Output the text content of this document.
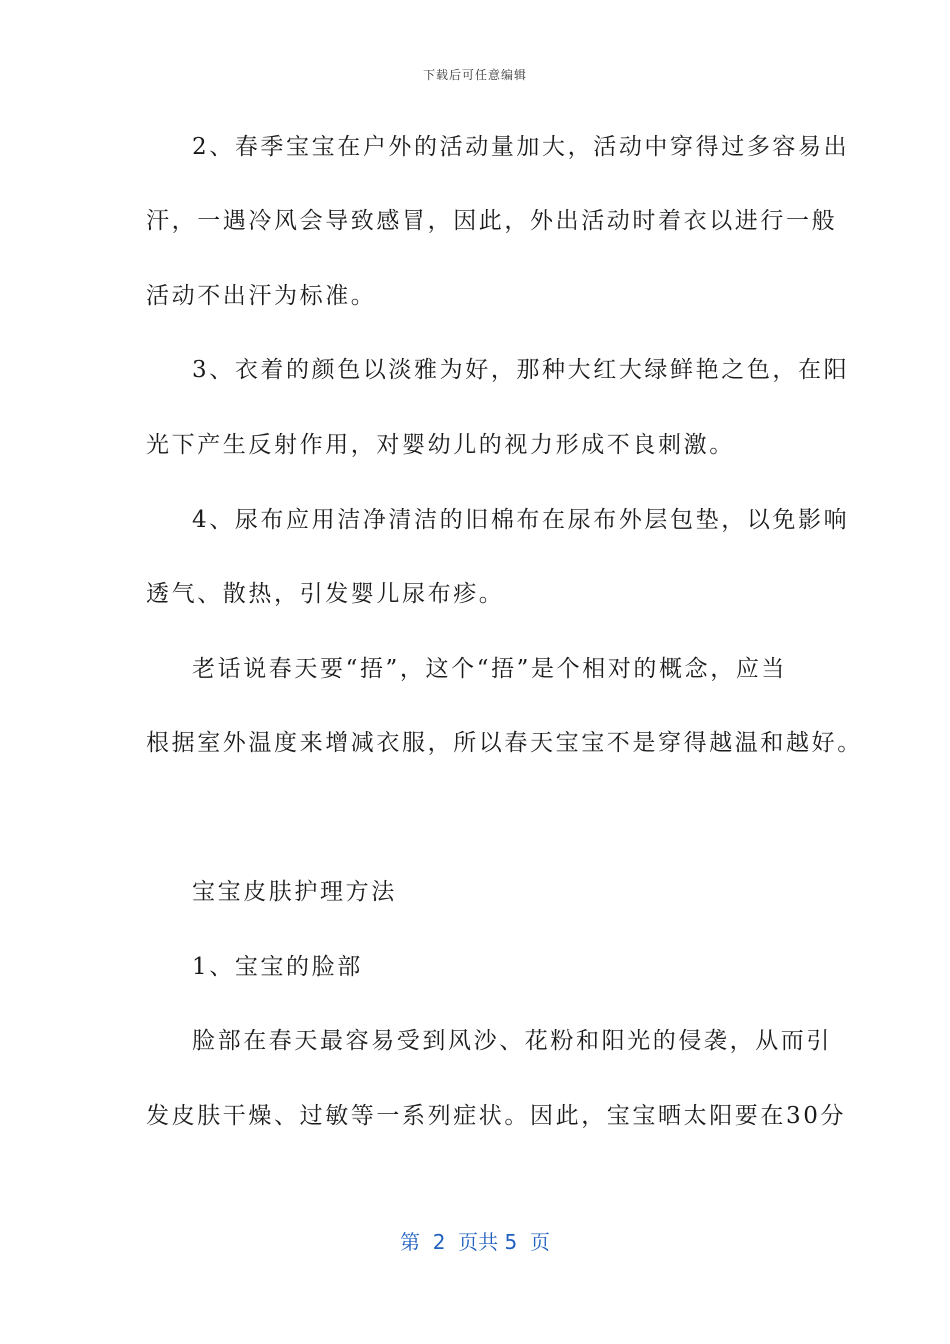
下载后可任意编辑
2、春季宝宝在户外的活动量加大，活动中穿得过多容易出
汗，一遇冷风会导致感冒，因此，外出活动时着衣以进行一般
活动不出汗为标准。
3、衣着的颜色以淡雅为好，那种大红大绿鲜艳之色，在阳
光下产生反射作用，对婴幼儿的视力形成不良刺激。
4、尿布应用洁净清洁的旧棉布在尿布外层包垫，以免影响
透气、散热，引发婴儿尿布疹。
老话说春天要“捂”，这个“捂”是个相对的概念，应当
根据室外温度来增减衣服，所以春天宝宝不是穿得越温和越好。
宝宝皮肤护理方法
1、宝宝的脸部
脸部在春天最容易受到风沙、花粉和阳光的侵袭，从而引
发皮肤干燥、过敏等一系列症状。因此，宝宝晒太阳要在30分
第  2  页共 5  页
